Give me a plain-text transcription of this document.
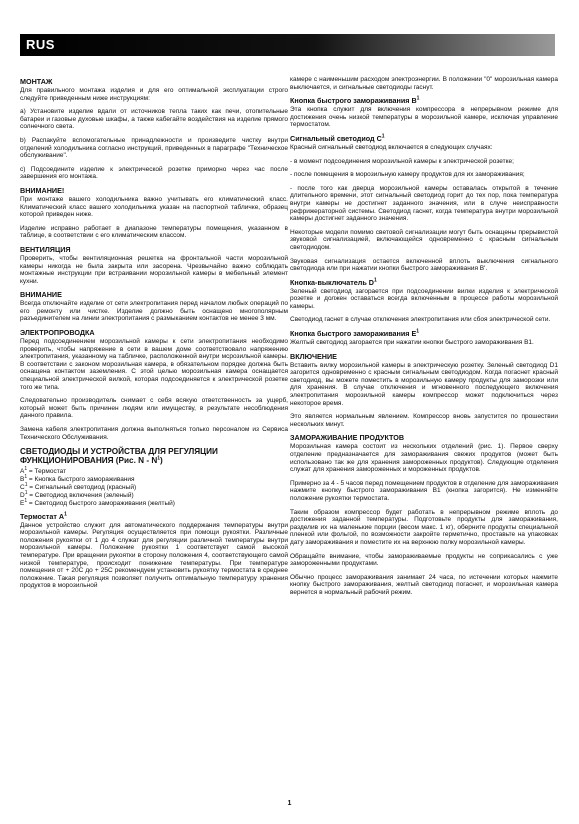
RUS
МОНТАЖ

Для правильного монтажа изделия и для его оптимальной эксплуатации строго следуйте приведенным ниже инструкциям:

a) Установите изделие вдали от источников тепла таких как печи, отопительные батареи и газовые духовые шкафы, а также кабегайте воздействия на изделие прямого солнечного света.

b) Распакуйте вспомогательные принадлежности и произведите чистку внутри отделений холодильника согласно инструкций, приведенных в параграфе "Техническое обслуживание".

c) Подсоедините изделие к электрической розетке приморно через час после завершения его монтажа.

ВНИМАНИЕ!

При монтаже вашего холодильника важно учитывать его климатический класс. Климатический класс вашего холодильника указан на паспортной табличке, образец которой приведен ниже.

Изделие исправно работает в диапазоне температуры помещения, указанном в таблице, в соответствии с его климатическим классом.

ВЕНТИЛЯЦИЯ

Проверить, чтобы вентиляционная решетка на фронтальной части морозильной камеры никогда не была закрыта или засорена. Чрезвычайно важно соблюдать монтажные инструкции при встраивании морозильной камеры в мебельный элемент кухни.

ВНИМАНИЕ

Всегда отключайте изделие от сети электропитания перед началом любых операций по его ремонту или чистке. Изделие должно быть оснащено многополярным разъединителем на линии электропитания с размыканием контактов не менее 3 мм.

ЭЛЕКТРОПРОВОДКА

Перед подсоединением морозильной камеры к сети электропитания необходимо проверить, чтобы напряжение в сети в вашем доме соответствовало напряжению электропитания, указанному на табличке, расположенной внутри мсрозильной камеры. В соответствии с законом морозильная камера, в обязательном порядке должна быть оснащена контактом заземления. С этой целью морозильная камера оснащается специальной электрической вилкой, которая подсоединяется к электрической розетке того же типа.

Следовательно производитель снимает с себя всякую ответственность за ущерб, который может быть причинен людям или имуществу, в результате несоблюдения данного правила.

Замена кабеля электропитания должна выполняться только персоналом из Сервиса Технического Обслуживания.

СВЕТОДИОДЫ И УСТРОЙСТВА ДЛЯ РЕГУЛЯЦИИ ФУНКЦИОНИРОВАНИЯ (Рис. N - $N^1$)
$A^1$ = Термостат
$B^1$ = Кнопка быстрого замораживания
$C^1$ = Сигнальный светодиод (красный)
$D^1$ = Светодиод включения (зеленый)
$E^1$ = Светодиод быстрого замораживания (желтый)
Термостат $A^1$

Данное устройство служит для автоматического поддержания температуры внутри морозильной камеры. Регуляция осуществляется при помощи рукоятки. Различные положения рукоятки от 1 до 4 служат для регуляции различной температуры внутри морозильной камеры. Положение рукоятки 1 соответствует самой высокой температуре. При вращении рукоятки в сторону положения 4, соответствующего самой низкой температуре, происходит понижение температуры. При температуре помещения от + 20C до + 25C рекомендуем установить рукоятку термостата в среднее положение. Такая регуляция позволяет получить оптимальную температуру хранения продуктов в морозильной

камере с наименьшим расходом электроэнергии. В положении "0" морозильная камера выключается, и сигнальные светодиоды гаснут.

Кнопка быстрого замораживания $B^1$

Эта кнопка служит для включения компрессора в непрерывном режиме для достижения очень низкой температуры в морозильной камере, исключая управление термостатом.

Сигнальный светодиод $C^1$

Красный сигнальный светодиод включается в следующих случаях:

- в момент подсоединения морозильной камеры к электрической розетке;

- после помещения в морозильную камеру продуктов для их замораживания;

- после того как дверца морозильной камеры оставалась открытой в течение длительного времени, этот сигнальный светодиод горит до тех пор, пока температура внутри камеры не достигнет заданного значения, или в случе неисправности рефрижераторной системы. Светодиод гаснет, когда температура внутри морозильной камеры достигнет заданного значения.

Некоторые модели помимо световой сигнализации могут быть оснащены прерывистой звуковой сигнализацией, включающейся одновременно с красным сигнальным светодиодом.

Звуковая сигнализация остается включенной вплоть выключения сигнального светодиода или при нажатии кнопки быстрого замораживания B'.

Кнопка-выключатель $D^1$

Зеленый светодиод загорается при подсоединении вилки изделия к электрической розетке и должен оставаться всегда включенным в процессе работы морозильной камеры.

Светодиод гаснет в случае отключения электропитания или сбоя электрической сети.

Кнопка быстрого замораживания $E^1$

Желтый светодиод загорается при нажатии кнопки быстрого замораживания B1.

ВКЛЮЧЕНИЕ

Вставить вилку морозильной камеры в электрическую розетку. Зеленый светодиод D1 загорится одновременно с красным сигнальным светодиодом. Когда погаснет красный светодиод, вы можете поместить в морозильную камеру продукты для заморозки или для хранения. В случае отключения и мгновенного последующего включения электропитания морозильной камеры компрессор может подключиться через некоторое время.

Это является нормальным явлением. Компрессор вновь запустится по прошествии нескольких минут.

ЗАМОРАЖИВАНИЕ ПРОДУКТОВ

Морозильная камера состоит из нескольких отделений (рис. 1). Первое сверху отделение предназначается для замораживания свежих продуктов (может быть использовано так же для хранения замороженных продуктов). Следующие отделения служат для хранения замороженных и мороженных продуктов.

Примерно за 4 - 5 часов перед помещением продуктов в отделение для замораживания нажмите кнопку быстрого замораживания B1 (кнопка загорится). Не изменяйте положение рукоятки термостата.

Таким образом компрессор будет работать в непрерывном режиме вплоть до достижения заданной температуры. Подготовьте продукты для замораживания, разделив их на маленькие порции (весом макс. 1 кг), оберните продукты специальной пленкой или фольгой, по возможности закройте герметично, проставьте на упаковках дату замораживания и поместите их на верхнюю полку морозильной камеры.

Обращайте внимание, чтобы замораживаемые продукты не соприкасались с уже замороженными продуктами.

Обычно процесс замораживания занимает 24 часа, по истечении которых нажмите кнопку быстрого замораживания, желтый светодиод погаснет, и морозильная камера вернется в нормальный рабочий режим.

1
